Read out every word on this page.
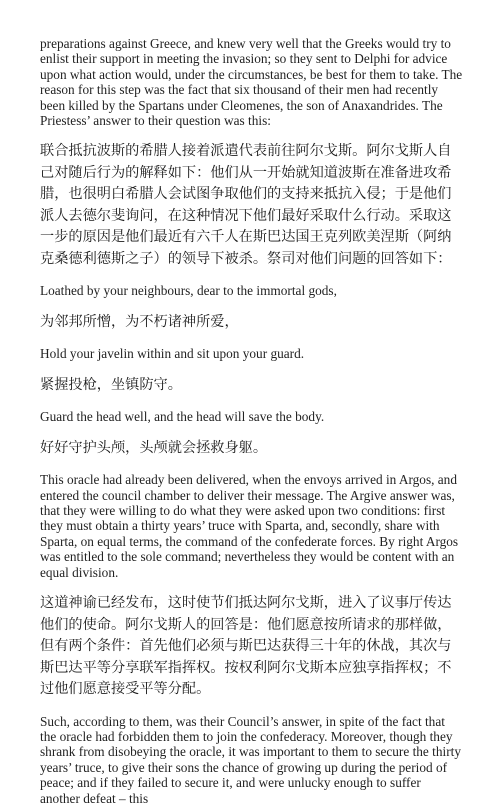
preparations against Greece, and knew very well that the Greeks would try to enlist their support in meeting the invasion; so they sent to Delphi for advice upon what action would, under the circumstances, be best for them to take. The reason for this step was the fact that six thousand of their men had recently been killed by the Spartans under Cleomenes, the son of Anaxandrides. The Priestess’ answer to their question was this:

联合抵抗波斯的希腊人接着派遣代表前往阿尔戈斯。阿尔戈斯人自己对随后行为的解释如下：他们从一开始就知道波斯在准备进攻希腊，也很明白希腊人会试图争取他们的支持来抵抗入侵；于是他们派人去德尔斐询问，在这种情况下他们最好采取什么行动。采取这一步的原因是他们最近有六千人在斯巴达国王克列欧美涅斯（阿纳克桑德利德斯之子）的领导下被杀。祭司对他们问题的回答如下：

Loathed by your neighbours, dear to the immortal gods,

为邻邦所憎，为不朽诸神所爱，

Hold your javelin within and sit upon your guard.

紧握投枪，坐镇防守。

Guard the head well, and the head will save the body.

好好守护头颅，头颅就会拯救身躯。

This oracle had already been delivered, when the envoys arrived in Argos, and entered the council chamber to deliver their message. The Argive answer was, that they were willing to do what they were asked upon two conditions: first they must obtain a thirty years’ truce with Sparta, and, secondly, share with Sparta, on equal terms, the command of the confederate forces. By right Argos was entitled to the sole command; nevertheless they would be content with an equal division.

这道神谕已经发布，这时使节们抵达阿尔戈斯，进入了议事厅传达他们的使命。阿尔戈斯人的回答是：他们愿意按所请求的那样做，但有两个条件：首先他们必须与斯巴达获得三十年的休战，其次与斯巴达平等分享联军指挥权。按权利阿尔戈斯本应独享指挥权；不过他们愿意接受平等分配。

Such, according to them, was their Council’s answer, in spite of the fact that the oracle had forbidden them to join the confederacy. Moreover, though they shrank from disobeying the oracle, it was important to them to secure the thirty years’ truce, to give their sons the chance of growing up during the period of peace; and if they failed to secure it, and were unlucky enough to suffer another defeat – this
